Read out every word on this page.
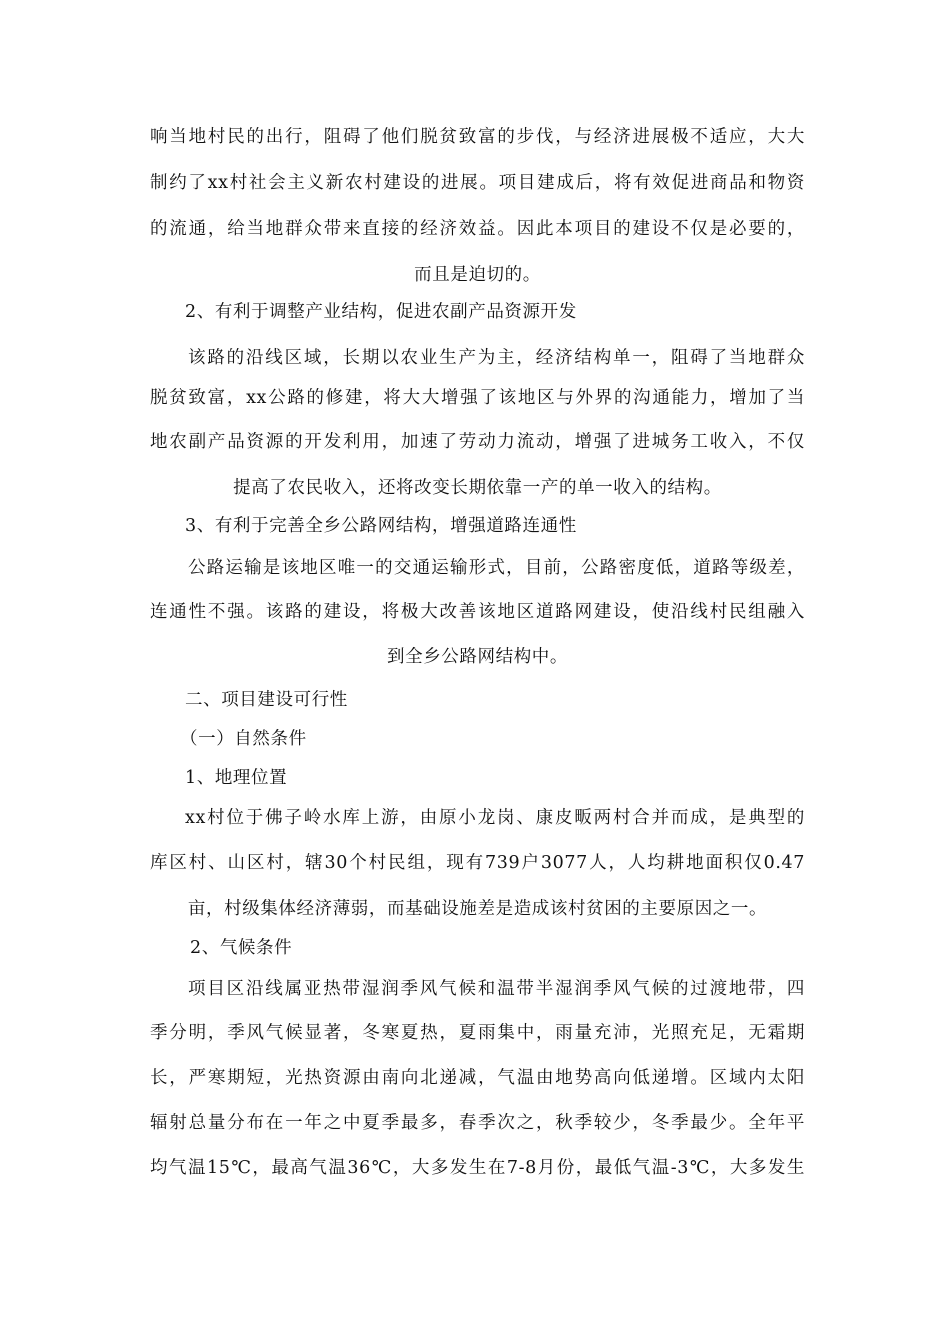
响当地村民的出行，阻碍了他们脱贫致富的步伐，与经济进展极不适应，大大
制约了xx村社会主义新农村建设的进展。项目建成后，将有效促进商品和物资
的流通，给当地群众带来直接的经济效益。因此本项目的建设不仅是必要的，
而且是迫切的。
2、有利于调整产业结构，促进农副产品资源开发
该路的沿线区域，长期以农业生产为主，经济结构单一，阻碍了当地群众
脱贫致富，xx公路的修建，将大大增强了该地区与外界的沟通能力，增加了当
地农副产品资源的开发利用，加速了劳动力流动，增强了进城务工收入，不仅
提高了农民收入，还将改变长期依靠一产的单一收入的结构。
3、有利于完善全乡公路网结构，增强道路连通性
公路运输是该地区唯一的交通运输形式，目前，公路密度低，道路等级差，
连通性不强。该路的建设，将极大改善该地区道路网建设，使沿线村民组融入
到全乡公路网结构中。
二、项目建设可行性
（一）自然条件
1、地理位置
xx村位于佛子岭水库上游，由原小龙岗、康皮畈两村合并而成，是典型的
库区村、山区村，辖30个村民组，现有739户3077人，人均耕地面积仅0.47
亩，村级集体经济薄弱，而基础设施差是造成该村贫困的主要原因之一。
2、气候条件
项目区沿线属亚热带湿润季风气候和温带半湿润季风气候的过渡地带，四
季分明，季风气候显著，冬寒夏热，夏雨集中，雨量充沛，光照充足，无霜期
长，严寒期短，光热资源由南向北递减，气温由地势高向低递增。区域内太阳
辐射总量分布在一年之中夏季最多，春季次之，秋季较少，冬季最少。全年平
均气温15℃，最高气温36℃，大多发生在7-8月份，最低气温-3℃，大多发生
